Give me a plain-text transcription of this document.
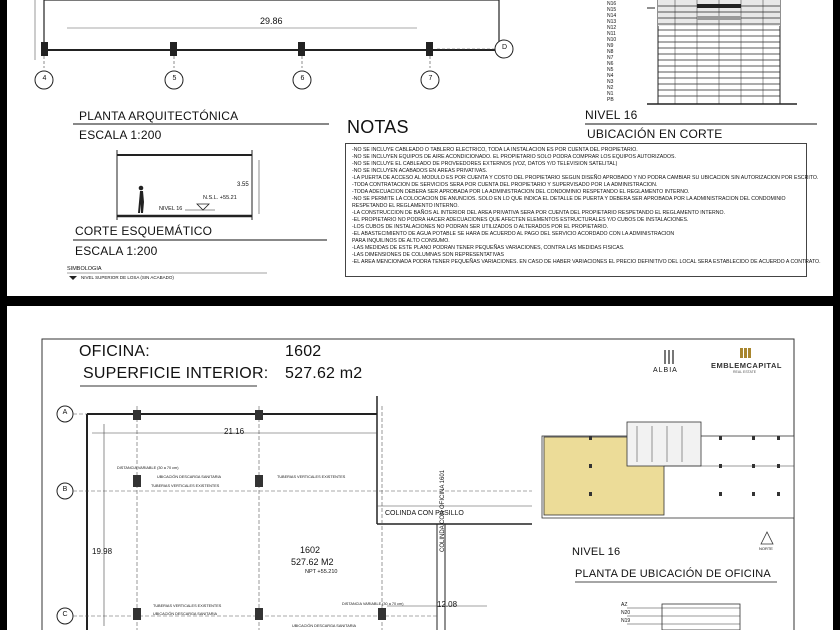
29.86
4	5	6	7
D
PLANTA ARQUITECTÓNICA
ESCALA 1:200
3.55
NIVEL 16
N.S.L. +55.21
CORTE ESQUEMÁTICO
ESCALA 1:200
SIMBOLOGIA
NIVEL SUPERIOR DE LOSA (SIN ACABADO)
NOTAS
-NO SE INCLUYE CABLEADO O TABLERO ELECTRICO, TODA LA INSTALACION ES POR CUENTA DEL PROPIETARIO.
-NO SE INCLUYEN EQUIPOS DE AIRE ACONDICIONADO. EL PROPIETARIO SOLO PODRA COMPRAR LOS EQUIPOS AUTORIZADOS.
-NO SE INCLUYE EL CABLEADO DE PROVEEDORES EXTERNOS (VOZ, DATOS Y/O TELEVISION SATELITAL)
-NO SE INCLUYEN ACABADOS EN AREAS PRIVATIVAS.
-LA PUERTA DE ACCESO AL MODULO ES POR CUENTA Y COSTO DEL PROPIETARIO SEGUN DISEÑO APROBADO Y NO PODRA CAMBIAR SU UBICACION SIN AUTORIZACION POR ESCRITO.
-TODA CONTRATACION DE SERVICIOS SERA POR CUENTA DEL PROPIETARIO Y SUPERVISADO POR LA ADMINISTRACION.
-TODA ADECUACION DEBERA SER APROBADA POR LA ADMINISTRACION DEL CONDOMINIO RESPETANDO EL REGLAMENTO INTERNO.
-NO SE PERMITE LA COLOCACION DE ANUNCIOS. SOLO EN LO QUE INDICA EL DETALLE DE PUERTA Y DEBERA SER APROBADA POR LA ADMINISTRACION DEL CONDOMINIO
RESPETANDO EL REGLAMENTO INTERNO.
-LA CONSTRUCCION DE BAÑOS AL INTERIOR DEL AREA PRIVATIVA SERA POR CUENTA DEL PROPIETARIO RESPETANDO EL REGLAMENTO INTERNO.
-EL PROPIETARIO NO PODRA HACER ADECUACIONES QUE AFECTEN ELEMENTOS ESTRUCTURALES Y/O CUBOS DE INSTALACIONES.
-LOS CUBOS DE INSTALACIONES NO PODRAN SER UTILIZADOS O ALTERADOS POR EL PROPIETARIO.
-EL ABASTECIMIENTO DE AGUA POTABLE SE HARA DE ACUERDO AL PAGO DEL SERVICIO ACORDADO CON LA ADMINISTRACION
PARA INQUILINOS DE ALTO CONSUMO.
-LAS MEDIDAS DE ESTE PLANO PODRAN TENER PEQUEÑAS VARIACIONES, CONTRA LAS MEDIDAS FISICAS.
-LAS DIMENSIONES DE COLUMNAS SON REPRESENTATIVAS
-EL AREA MENCIONADA PODRA TENER PEQUEÑAS VARIACIONES. EN CASO DE HABER VARIACIONES EL PRECIO DEFINITIVO DEL LOCAL SERA ESTABLECIDO DE ACUERDO A CONTRATO.
NIVEL 16
UBICACIÓN EN CORTE
N16
N15
N14
N13
N12
N11
N10
N9
N8
N7
N6
N5
N4
N3
N2
N1
PB
OFICINA:	1602
SUPERFICIE INTERIOR: 527.62 m2	ALBIA
EMBLEMCAPITAL
REAL ESTATE
A
B
C
21.16
19.98
12.08
DISTANCIA VARIABLE (30 a 70 cm)
UBICACIÓN DESCARGA SANITARIA
TUBERIAS VERTICALES EXISTENTES
TUBERIAS VERTICALES EXISTENTES
COLINDA CON PASILLO
COLINDA CON OFICINA 1601
TUBERIAS VERTICALES EXISTENTES
UBICACIÓN DESCARGA SANITARIA
DISTANCIA VARIABLE (30 a 70 cm)
UBICACIÓN DESCARGA SANITARIA
1602
527.62 M2
NPT +55.210
NIVEL 16	NORTE
PLANTA DE UBICACIÓN DE OFICINA
AZ
N20
N19
